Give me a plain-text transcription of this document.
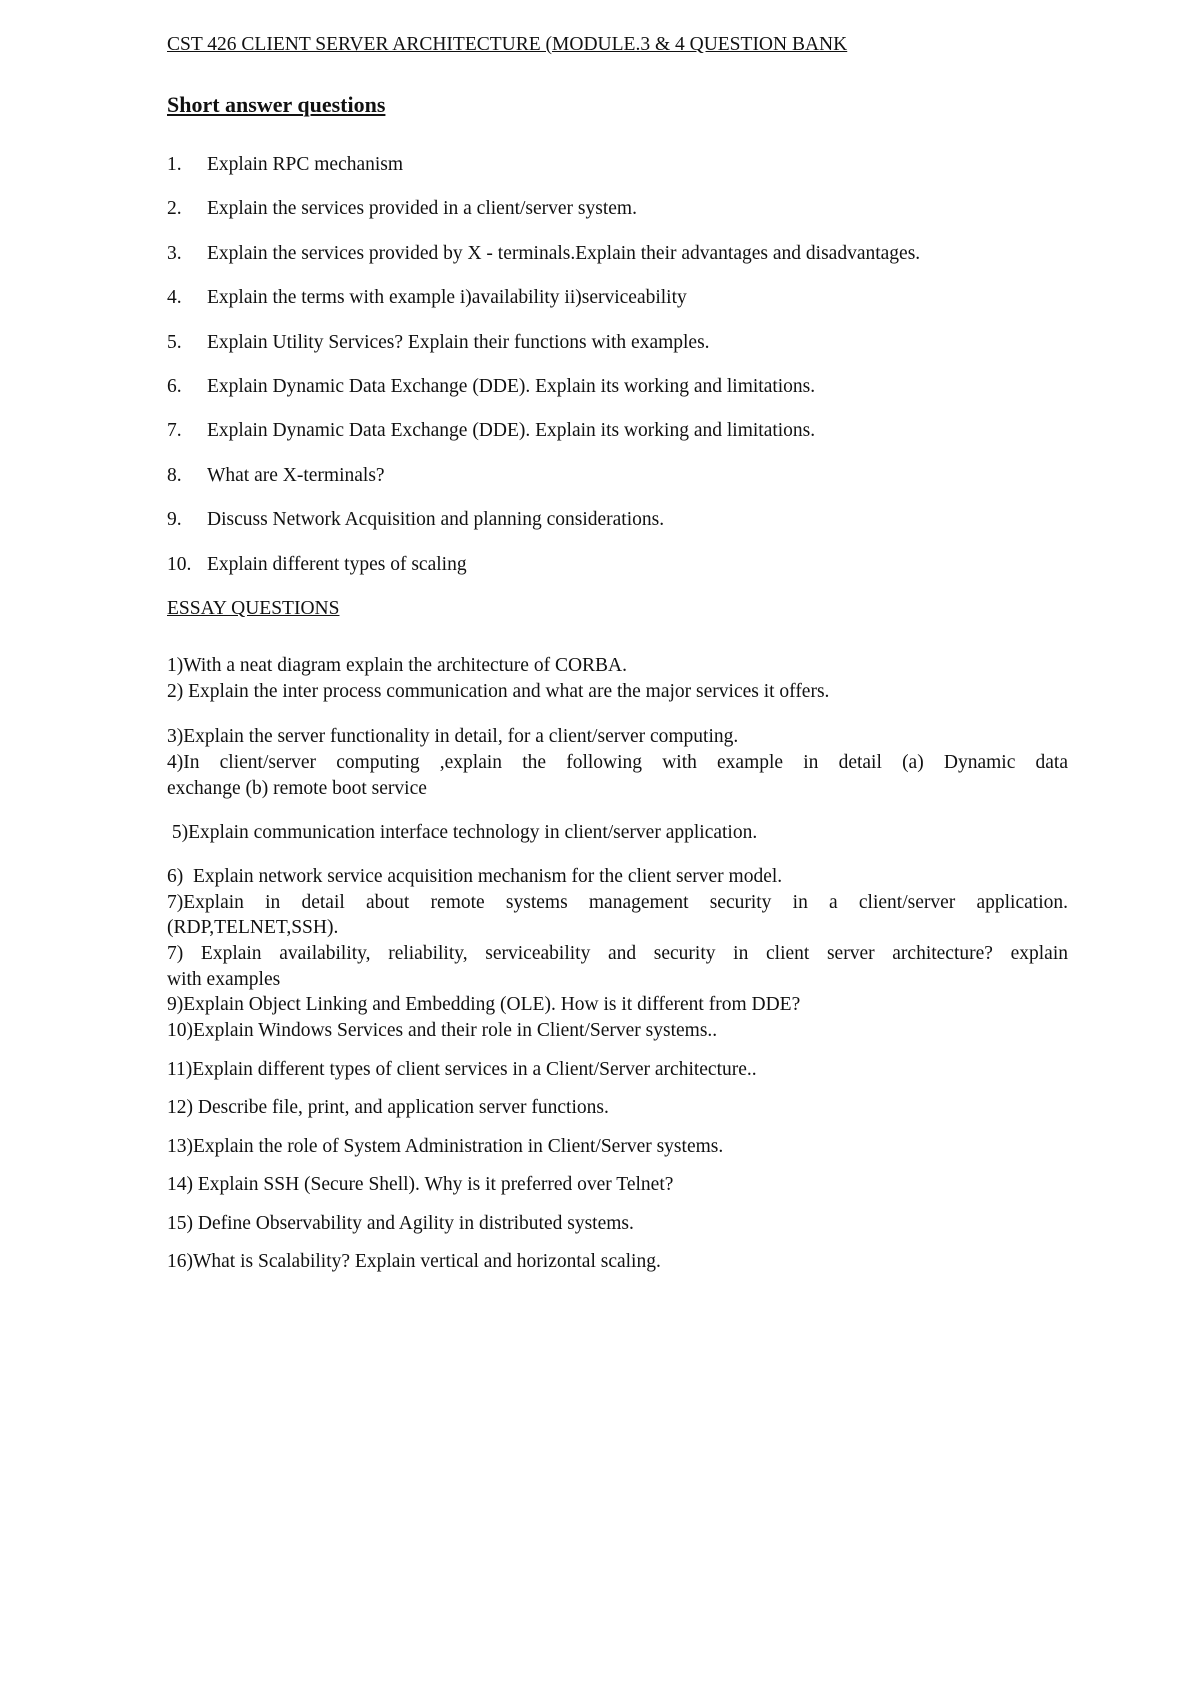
CST 426 CLIENT SERVER ARCHITECTURE (MODULE.3 & 4 QUESTION BANK
Short answer questions
1. Explain RPC mechanism
2. Explain the services provided in a client/server system.
3. Explain the services provided by X - terminals.Explain their advantages and disadvantages.
4. Explain the terms with example i)availability ii)serviceability
5. Explain Utility Services? Explain their functions with examples.
6. Explain Dynamic Data Exchange (DDE). Explain its working and limitations.
7. Explain Dynamic Data Exchange (DDE). Explain its working and limitations.
8. What are X-terminals?
9. Discuss Network Acquisition and planning considerations.
10. Explain different types of scaling
ESSAY QUESTIONS
1)With a neat diagram explain the architecture of CORBA.
2) Explain the inter process communication and what are the major services it offers.
3)Explain the server functionality in detail, for a client/server computing.
4)In client/server computing ,explain the following with example in detail (a) Dynamic data
exchange (b) remote boot service
5)Explain communication interface technology in client/server application.
6)  Explain network service acquisition mechanism for the client server model.
7)Explain in detail about remote systems management security in a client/server application.
(RDP,TELNET,SSH).
7) Explain availability, reliability, serviceability and security in client server architecture? explain
with examples
9)Explain Object Linking and Embedding (OLE). How is it different from DDE?
10)Explain Windows Services and their role in Client/Server systems..
11)Explain different types of client services in a Client/Server architecture..
12) Describe file, print, and application server functions.
13)Explain the role of System Administration in Client/Server systems.
14) Explain SSH (Secure Shell). Why is it preferred over Telnet?
15) Define Observability and Agility in distributed systems.
16)What is Scalability? Explain vertical and horizontal scaling.
